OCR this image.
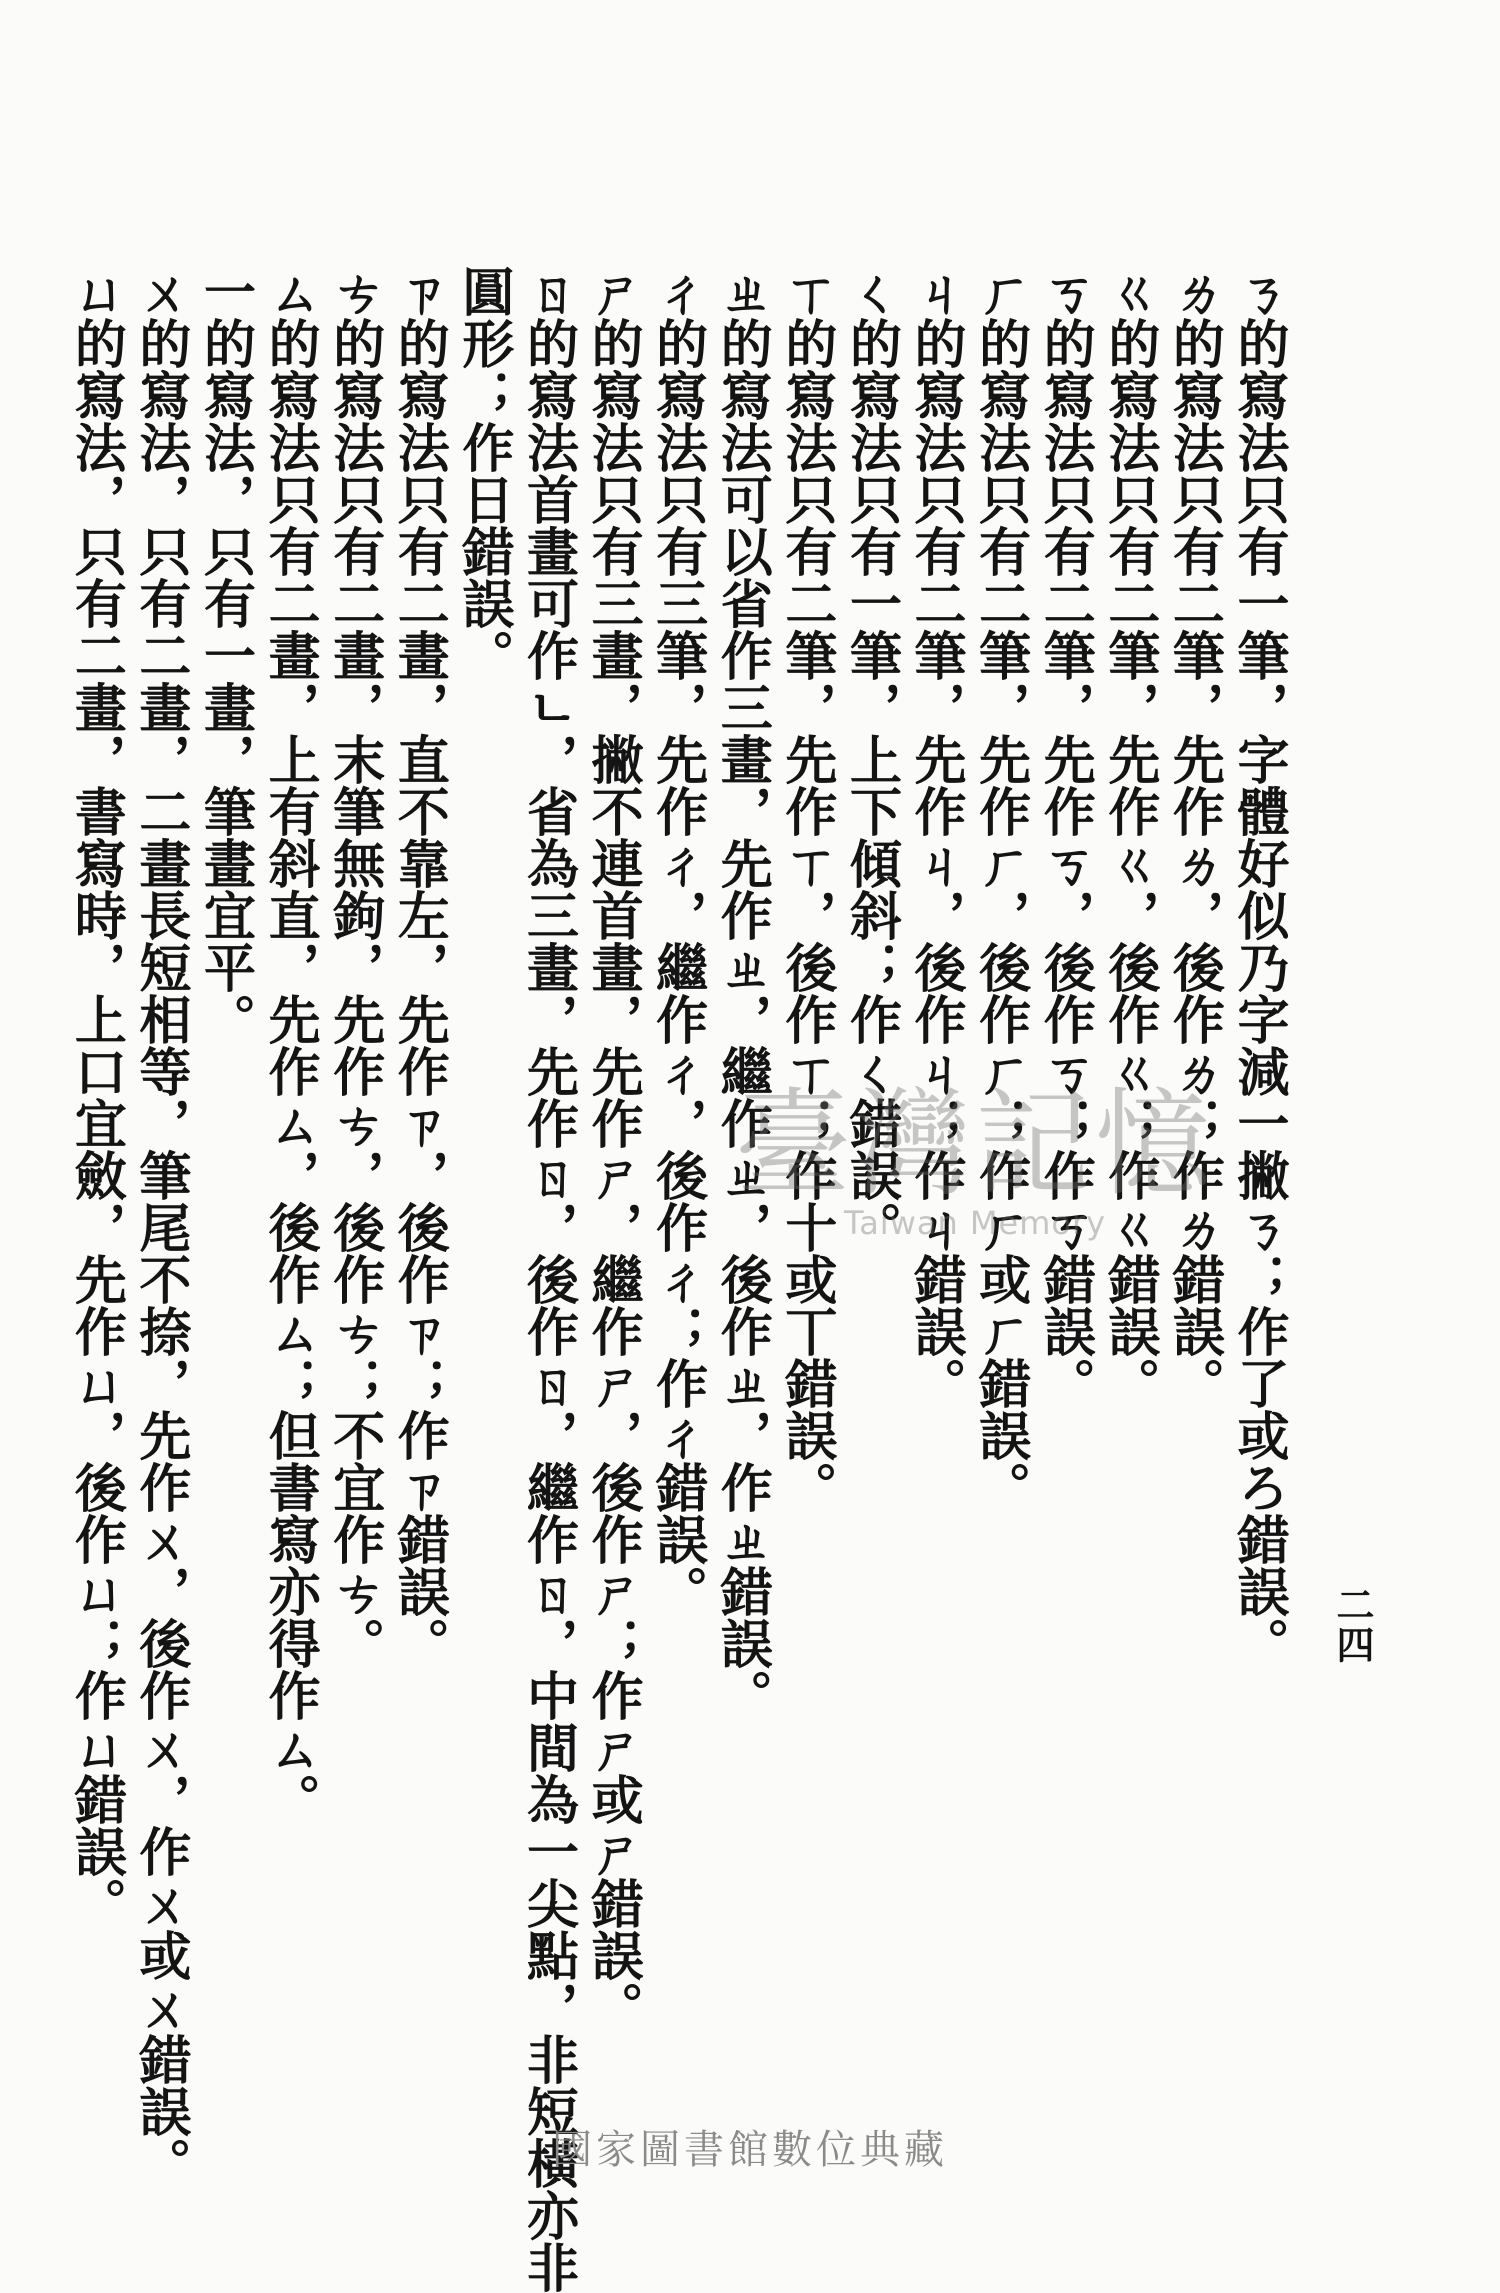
二四
ㄋ的寫法只有一筆，字體好似乃字減一撇ㄋ；作了或ろ錯誤。
ㄌ的寫法只有二筆，先作ㄌ，後作ㄌ；作ㄌ錯誤。
ㄍ的寫法只有二筆，先作ㄍ，後作ㄍ；作ㄍ錯誤。
ㄎ的寫法只有二筆，先作ㄎ，後作ㄎ；作ㄎ錯誤。
ㄏ的寫法只有二筆，先作ㄏ，後作ㄏ；作ㄏ或ㄏ錯誤。
ㄐ的寫法只有二筆，先作ㄐ，後作ㄐ；作ㄐ錯誤。
ㄑ的寫法只有一筆，上下傾斜；作ㄑ錯誤。
ㄒ的寫法只有二筆，先作ㄒ，後作ㄒ；作十或丅錯誤。
ㄓ的寫法可以省作三畫，先作ㄓ，繼作ㄓ，後作ㄓ，作ㄓ錯誤。
ㄔ的寫法只有三筆，先作ㄔ，繼作ㄔ，後作ㄔ；作ㄔ錯誤。
ㄕ的寫法只有三畫，撇不連首畫，先作ㄕ，繼作ㄕ，後作ㄕ；作ㄕ或ㄕ錯誤。
ㄖ的寫法首畫可作ㄴ，省為三畫，先作ㄖ，後作ㄖ，繼作ㄖ，中間為一尖點，非短橫亦非
圓形；作日錯誤。
ㄗ的寫法只有二畫，直不靠左，先作ㄗ，後作ㄗ；作ㄗ錯誤。
ㄘ的寫法只有二畫，末筆無鉤，先作ㄘ，後作ㄘ；不宜作ㄘ。
ㄙ的寫法只有二畫，上有斜直，先作ㄙ，後作ㄙ；但書寫亦得作ㄙ。
一的寫法，只有一畫，筆畫宜平。
ㄨ的寫法，只有二畫，二畫長短相等，筆尾不捺，先作ㄨ，後作ㄨ，作ㄨ或ㄨ錯誤。
ㄩ的寫法，只有二畫，書寫時，上口宜斂，先作ㄩ，後作ㄩ；作ㄩ錯誤。	臺灣記憶
Taiwan Memory
國家圖書館數位典藏
